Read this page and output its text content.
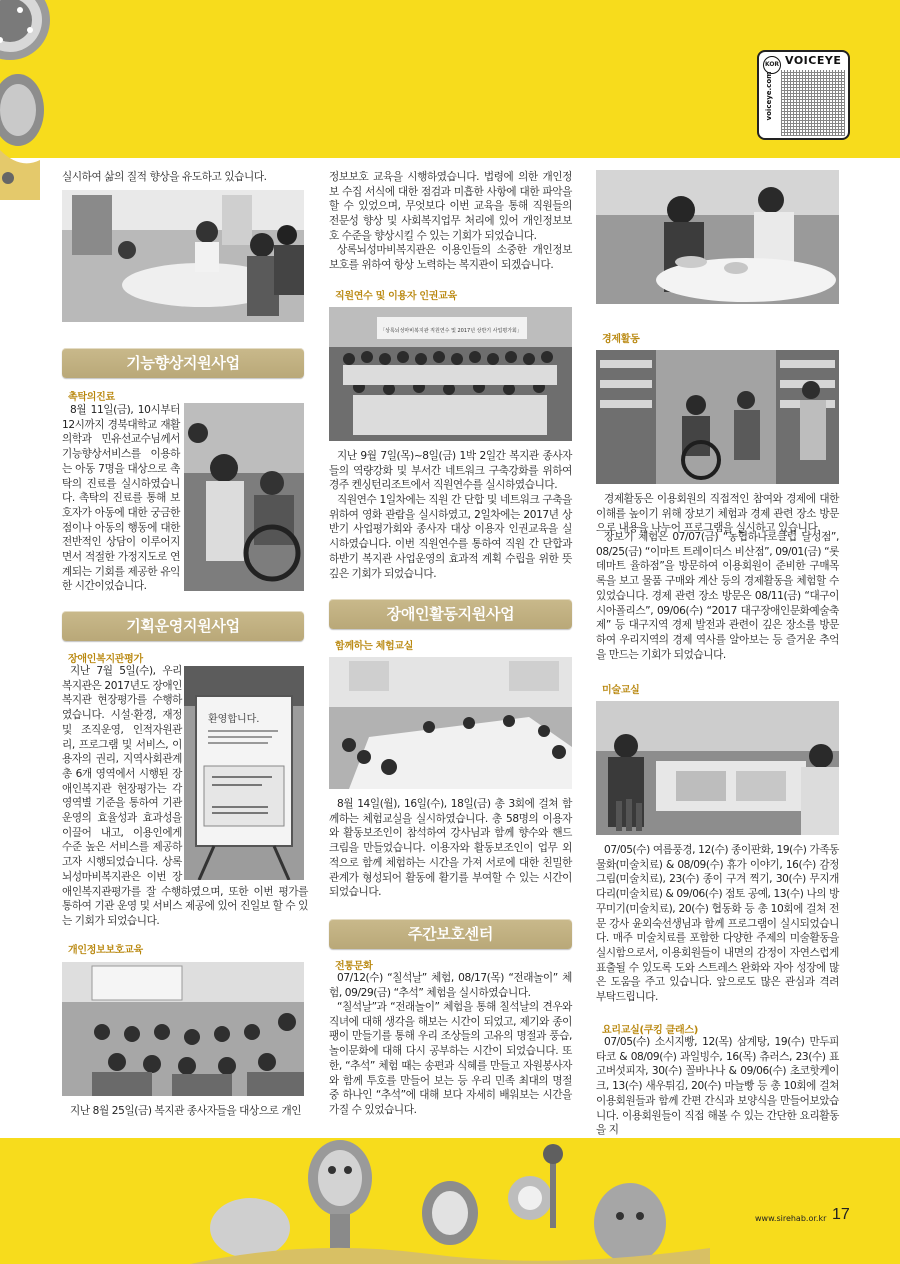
KOR VOICEYE
voiceye.com
실시하여 삶의 질적 향상을 유도하고 있습니다.
기능향상지원사업
촉탁의진료
8월 11일(금), 10시부터 12시까지 경북대학교 재활의학과 민유선교수님께서 기능향상서비스를 이용하는 아동 7명을 대상으로 촉탁의 진료를 실시하였습니다. 촉탁의 진료를 통해 보호자가 아동에 대한 궁금한 점이나 아동의 행동에 대한 전반적인 상담이 이루어지면서 적절한 가정지도로 연계되는 기회를 제공한 유익한 시간이었습니다.
기획운영지원사업
장애인복지관평가
지난 7월 5일(수), 우리 복지관은 2017년도 장애인복지관 현장평가를 수행하였습니다. 시설·환경, 재정 및 조직운영, 인적자원관리, 프로그램 및 서비스, 이용자의 권리, 지역사회관계 총 6개 영역에서 시행된 장애인복지관 현장평가는 각 영역별 기준을 통하여 기관 운영의 효율성과 효과성을 이끌어 내고, 이용인에게 수준 높은 서비스를 제공하고자 시행되었습니다. 상록뇌성마비복지관은 이번 장애인복지관평가를 잘 수행하였으며, 또한 이번 평가를 통하여 기관 운영 및 서비스 제공에 있어 진일보 할 수 있는 기회가 되었습니다.
환영합니다.
개인정보보호교육
지난 8월 25일(금) 복지관 종사자들을 대상으로 개인
정보보호 교육을 시행하였습니다. 법령에 의한 개인정보 수집 서식에 대한 점검과 미흡한 사항에 대한 파악을 할 수 있었으며, 무엇보다 이번 교육을 통해 직원들의 전문성 향상 및 사회복지업무 처리에 있어 개인정보보호 수준을 향상시킬 수 있는 기회가 되었습니다.
상록뇌성마비복지관은 이용인들의 소중한 개인정보보호를 위하여 항상 노력하는 복지관이 되겠습니다.
직원연수 및 이용자 인권교육
「상록뇌성마비복지관 직원연수 및 2017년 상반기 사업평가회」
지난 9월 7일(목)~8일(금) 1박 2일간 복지관 종사자들의 역량강화 및 부서간 네트워크 구축강화를 위하여 경주 켄싱턴리조트에서 직원연수를 실시하였습니다.
직원연수 1일차에는 직원 간 단합 및 네트워크 구축을 위하여 영화 관람을 실시하였고, 2일차에는 2017년 상반기 사업평가회와 종사자 대상 이용자 인권교육을 실시하였습니다. 이번 직원연수를 통하여 직원 간 단합과 하반기 복지관 사업운영의 효과적 계획 수립을 위한 뜻 깊은 기회가 되었습니다.
장애인활동지원사업
함께하는 체험교실
8월 14일(월), 16일(수), 18일(금) 총 3회에 걸쳐 함께하는 체험교실을 실시하였습니다. 총 58명의 이용자와 활동보조인이 참석하여 강사님과 함께 향수와 핸드크림을 만들었습니다. 이용자와 활동보조인이 업무 외적으로 함께 체험하는 시간을 가져 서로에 대한 친밀한 관계가 형성되어 활동에 활기를 부여할 수 있는 시간이 되었습니다.
주간보호센터
전통문화
07/12(수) “칠석날” 체험, 08/17(목) “전래놀이” 체험, 09/29(금) “추석” 체험을 실시하였습니다.
“칠석날”과 “전래놀이” 체험을 통해 칠석날의 견우와 직녀에 대해 생각을 해보는 시간이 되었고, 제기와 종이팽이 만들기를 통해 우리 조상들의 고유의 명절과 풍습, 놀이문화에 대해 다시 공부하는 시간이 되었습니다. 또한, “추석” 체험 때는 송편과 식혜를 만들고 자원봉사자와 함께 투호를 만들어 보는 등 우리 민족 최대의 명절 중 하나인 “추석”에 대해 보다 자세히 배워보는 시간을 가질 수 있었습니다.
경제활동
경제활동은 이용회원의 직접적인 참여와 경제에 대한 이해를 높이기 위해 장보기 체험과 경제 관련 장소 방문으로 내용을 나누어 프로그램을 실시하고 있습니다.
장보기 체험은 07/07(금) “농협하나로클럽 달성점”, 08/25(금) “이마트 트레이더스 비산점”, 09/01(금) “롯데마트 율하점”을 방문하여 이용회원이 준비한 구매목록을 보고 물품 구매와 계산 등의 경제활동을 체험할 수 있었습니다. 경제 관련 장소 방문은 08/11(금) “대구이시아폴리스”, 09/06(수) “2017 대구장애인문화예술축제” 등 대구지역 경제 발전과 관련이 깊은 장소를 방문하여 우리지역의 경제 역사를 알아보는 등 즐거운 추억을 만드는 기회가 되었습니다.
미술교실
07/05(수) 여름풍경, 12(수) 종이판화, 19(수) 가족동물화(미술치료) & 08/09(수) 휴가 이야기, 16(수) 감정그림(미술치료), 23(수) 종이 구겨 찍기, 30(수) 무지개다리(미술치료) & 09/06(수) 점토 공예, 13(수) 나의 방 꾸미기(미술치료), 20(수) 협동화 등 총 10회에 걸쳐 전문 강사 윤외숙선생님과 함께 프로그램이 실시되었습니다. 매주 미술치료를 포함한 다양한 주제의 미술활동을 실시함으로서, 이용회원들이 내면의 감정이 자연스럽게 표출될 수 있도록 도와 스트레스 완화와 자아 성장에 많은 도움을 주고 있습니다. 앞으로도 많은 관심과 격려 부탁드립니다.
요리교실(쿠킹 클래스)
07/05(수) 소시지빵, 12(목) 삼계탕, 19(수) 만두피 타코 & 08/09(수) 과일빙수, 16(목) 츄러스, 23(수) 표고버섯피자, 30(수) 꼴바나나 & 09/06(수) 초코핫케이크, 13(수) 새우튀김, 20(수) 마늘빵 등 총 10회에 걸쳐 이용회원들과 함께 간편 간식과 보양식을 만들어보았습니다. 이용회원들이 직접 해볼 수 있는 간단한 요리활동을 지
www.sirehab.or.kr 17
